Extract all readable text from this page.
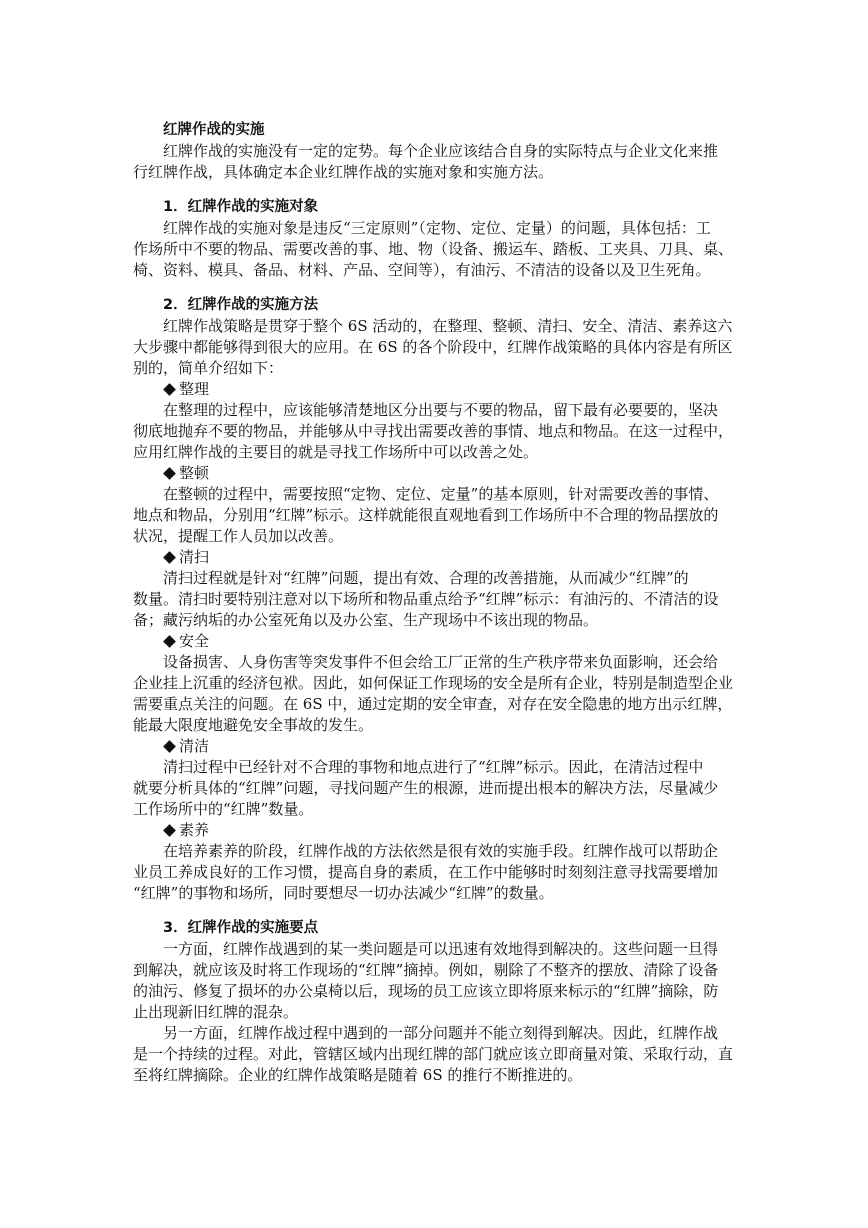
红牌作战的实施
红牌作战的实施没有一定的定势。每个企业应该结合自身的实际特点与企业文化来推
行红牌作战，具体确定本企业红牌作战的实施对象和实施方法。
1．红牌作战的实施对象
红牌作战的实施对象是违反“三定原则”（定物、定位、定量）的问题，具体包括：工
作场所中不要的物品、需要改善的事、地、物（设备、搬运车、踏板、工夹具、刀具、桌、
椅、资料、模具、备品、材料、产品、空间等），有油污、不清洁的设备以及卫生死角。
2．红牌作战的实施方法
红牌作战策略是贯穿于整个 6S 活动的，在整理、整顿、清扫、安全、清洁、素养这六
大步骤中都能够得到很大的应用。在 6S 的各个阶段中，红牌作战策略的具体内容是有所区
别的，简单介绍如下：
整理
在整理的过程中，应该能够清楚地区分出要与不要的物品，留下最有必要要的，坚决
彻底地抛弃不要的物品，并能够从中寻找出需要改善的事情、地点和物品。在这一过程中，
应用红牌作战的主要目的就是寻找工作场所中可以改善之处。
整顿
在整顿的过程中，需要按照“定物、定位、定量”的基本原则，针对需要改善的事情、
地点和物品，分别用“红牌”标示。这样就能很直观地看到工作场所中不合理的物品摆放的
状况，提醒工作人员加以改善。
清扫
清扫过程就是针对“红牌”问题，提出有效、合理的改善措施，从而减少“红牌”的
数量。清扫时要特别注意对以下场所和物品重点给予“红牌”标示：有油污的、不清洁的设
备；藏污纳垢的办公室死角以及办公室、生产现场中不该出现的物品。
安全
设备损害、人身伤害等突发事件不但会给工厂正常的生产秩序带来负面影响，还会给
企业挂上沉重的经济包袱。因此，如何保证工作现场的安全是所有企业，特别是制造型企业
需要重点关注的问题。在 6S 中，通过定期的安全审查，对存在安全隐患的地方出示红牌，
能最大限度地避免安全事故的发生。
清洁
清扫过程中已经针对不合理的事物和地点进行了“红牌”标示。因此，在清洁过程中
就要分析具体的“红牌”问题，寻找问题产生的根源，进而提出根本的解决方法，尽量减少
工作场所中的“红牌”数量。
素养
在培养素养的阶段，红牌作战的方法依然是很有效的实施手段。红牌作战可以帮助企
业员工养成良好的工作习惯，提高自身的素质，在工作中能够时时刻刻注意寻找需要增加
“红牌”的事物和场所，同时要想尽一切办法减少“红牌”的数量。
3．红牌作战的实施要点
一方面，红牌作战遇到的某一类问题是可以迅速有效地得到解决的。这些问题一旦得
到解决，就应该及时将工作现场的“红牌”摘掉。例如，剔除了不整齐的摆放、清除了设备
的油污、修复了损坏的办公桌椅以后，现场的员工应该立即将原来标示的“红牌”摘除，防
止出现新旧红牌的混杂。
另一方面，红牌作战过程中遇到的一部分问题并不能立刻得到解决。因此，红牌作战
是一个持续的过程。对此，管辖区域内出现红牌的部门就应该立即商量对策、采取行动，直
至将红牌摘除。企业的红牌作战策略是随着 6S 的推行不断推进的。
